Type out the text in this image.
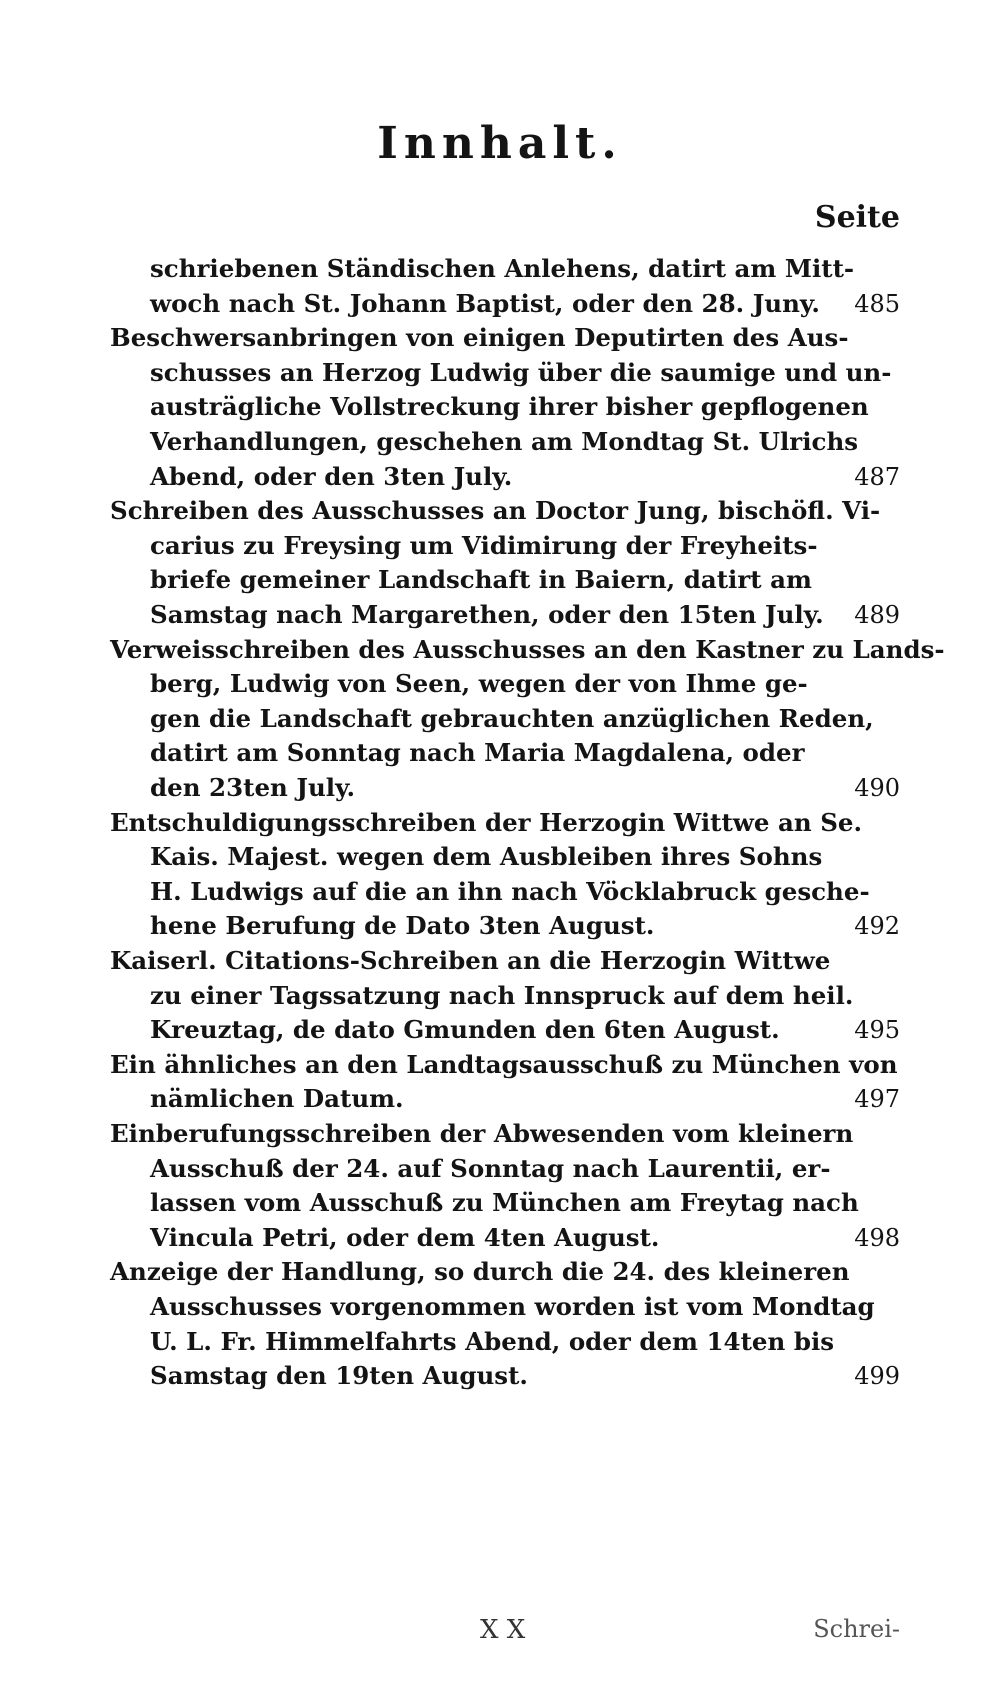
Innhalt.
Seite
schriebenen Ständischen Anlehens, datirt am Mitt-
woch nach St. Johann Baptist, oder den 28. Juny. 485
Beschwersanbringen von einigen Deputirten des Aus-
schusses an Herzog Ludwig über die saumige und un-
austrägliche Vollstreckung ihrer bisher gepflogenen
Verhandlungen, geschehen am Mondtag St. Ulrichs
Abend, oder den 3ten July.	487
Schreiben des Ausschusses an Doctor Jung, bischöfl. Vi-
carius zu Freysing um Vidimirung der Freyheits-
briefe gemeiner Landschaft in Baiern, datirt am
Samstag nach Margarethen, oder den 15ten July. 489
Verweisschreiben des Ausschusses an den Kastner zu Lands-
berg, Ludwig von Seen, wegen der von Ihme ge-
gen die Landschaft gebrauchten anzüglichen Reden,
datirt am Sonntag nach Maria Magdalena, oder
den 23ten July.	490
Entschuldigungsschreiben der Herzogin Wittwe an Se.
Kais. Majest. wegen dem Ausbleiben ihres Sohns
H. Ludwigs auf die an ihn nach Vöcklabruck gesche-
hene Berufung de Dato 3ten August.	492
Kaiserl. Citations-Schreiben an die Herzogin Wittwe
zu einer Tagssatzung nach Innspruck auf dem heil.
Kreuztag, de dato Gmunden den 6ten August.	495
Ein ähnliches an den Landtagsausschuß zu München von
nämlichen Datum.	497
Einberufungsschreiben der Abwesenden vom kleinern
Ausschuß der 24. auf Sonntag nach Laurentii, er-
lassen vom Ausschuß zu München am Freytag nach
Vincula Petri, oder dem 4ten August.	498
Anzeige der Handlung, so durch die 24. des kleineren
Ausschusses vorgenommen worden ist vom Mondtag
U. L. Fr. Himmelfahrts Abend, oder dem 14ten bis
Samstag den 19ten August.	499
X X	Schrei-
